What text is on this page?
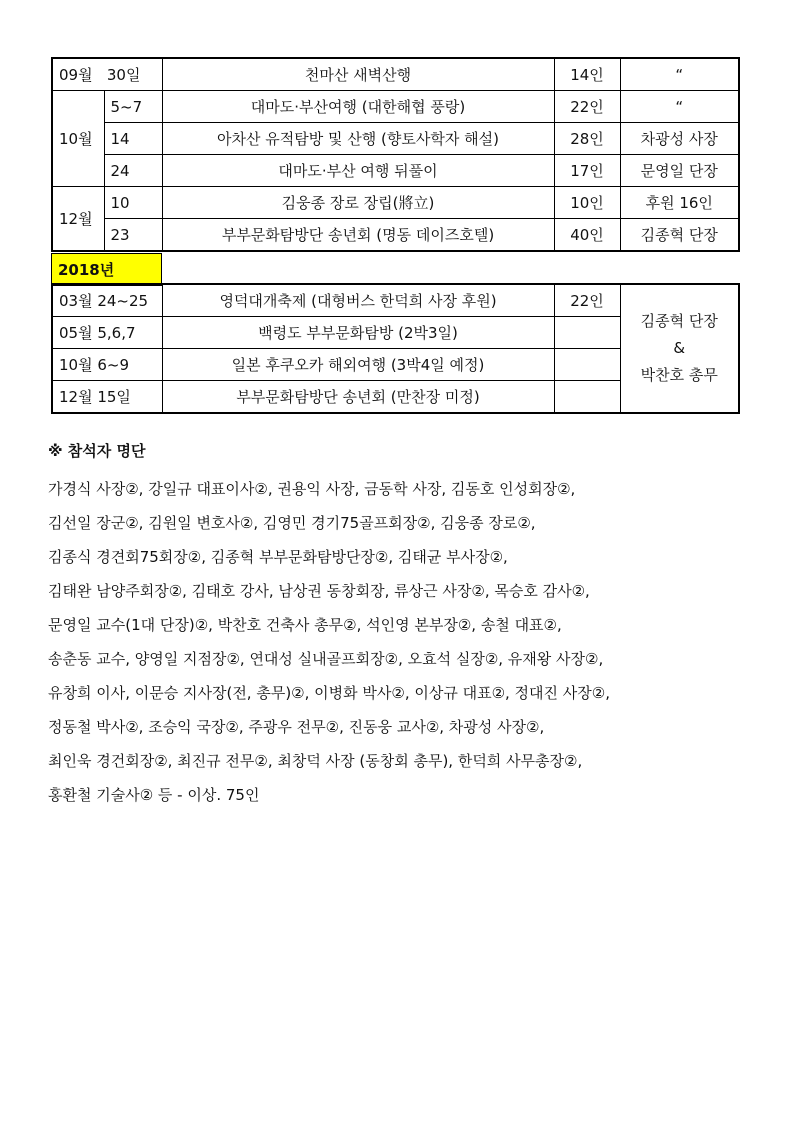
09월 30일		천마산 새벽산행	14인	“
10월	5~7	대마도·부산여행 (대한해협 풍랑)	22인	“
	14	아차산 유적탐방 및 산행 (향토사학자 해설)	28인	차광성 사장
	24	대마도·부산 여행 뒤풀이	17인	문영일 단장
12월	10	김웅종 장로 장립(將立)	10인	후원 16인
	23	부부문화탐방단 송년회 (명동 데이즈호텔)	40인	김종혁 단장
2018년
03월 24~25	영덕대개축제 (대형버스 한덕희 사장 후원)	22인	김종혁 단장
&
박찬호 총무

05월 5,6,7	백령도 부부문화탐방 (2박3일)		
10월 6~9	일본 후쿠오카 해외여행 (3박4일 예정)		
12월 15일	부부문화탐방단 송년회 (만찬장 미정)		

※ 참석자 명단

가경식 사장②, 강일규 대표이사②, 권용익 사장, 금동학 사장, 김동호 인성회장②,

김선일 장군②, 김원일 변호사②, 김영민 경기75골프회장②, 김웅종 장로②,

김종식 경견회75회장②, 김종혁 부부문화탐방단장②, 김태균 부사장②,

김태완 남양주회장②, 김태호 강사, 남상권 동창회장, 류상근 사장②, 목승호 감사②,

문영일 교수(1대 단장)②, 박찬호 건축사 총무②, 석인영 본부장②, 송철 대표②,

송춘동 교수, 양영일 지점장②, 연대성 실내골프회장②, 오효석 실장②, 유재왕 사장②,

유창희 이사, 이문승 지사장(전, 총무)②, 이병화 박사②, 이상규 대표②, 정대진 사장②,

정동철 박사②, 조승익 국장②, 주광우 전무②, 진동웅 교사②, 차광성 사장②,

최인욱 경건회장②, 최진규 전무②, 최창덕 사장 (동창회 총무), 한덕희 사무총장②,

홍환철 기술사② 등 - 이상. 75인
